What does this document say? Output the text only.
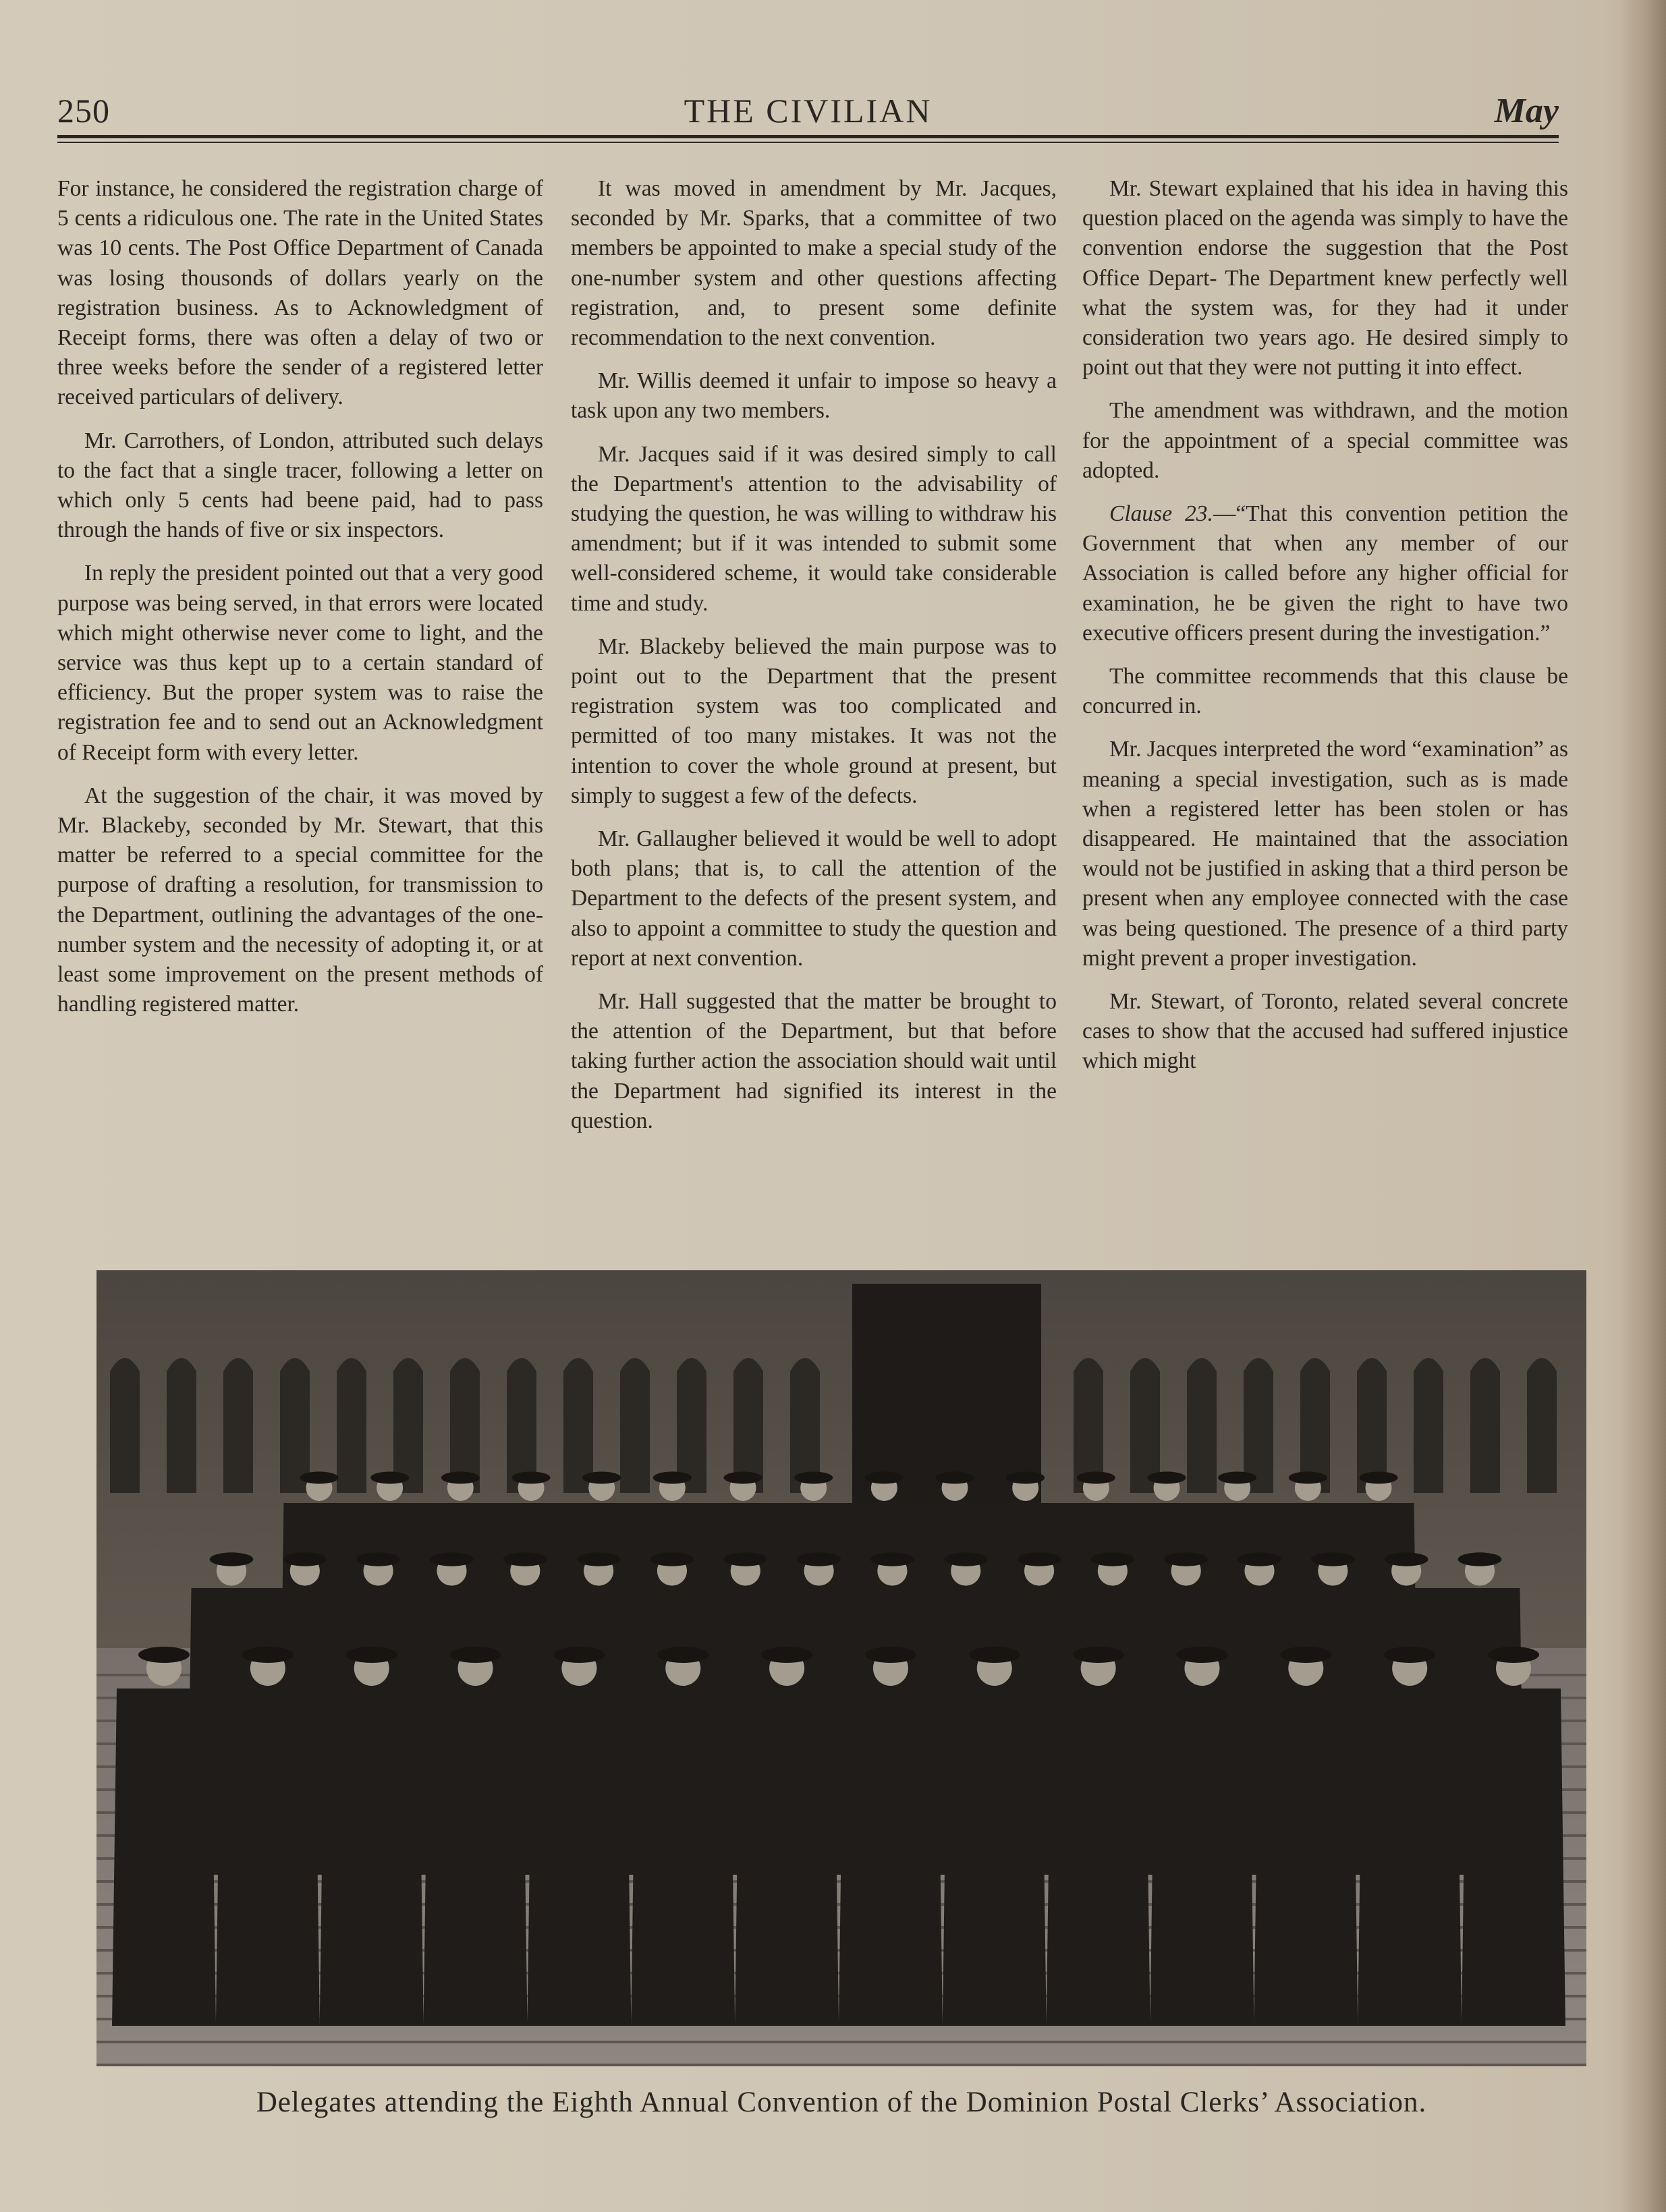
250	THE CIVILIAN	May

For instance, he considered the registration charge of 5 cents a ridiculous one. The rate in the United States was 10 cents. The Post Office Department of Canada was losing thousonds of dollars yearly on the registration business. As to Acknowledgment of Receipt forms, there was often a delay of two or three weeks before the sender of a registered letter received particulars of delivery.

Mr. Carrothers, of London, attributed such delays to the fact that a single tracer, following a letter on which only 5 cents had beene paid, had to pass through the hands of five or six inspectors.

In reply the president pointed out that a very good purpose was being served, in that errors were located which might otherwise never come to light, and the service was thus kept up to a certain standard of efficiency. But the proper system was to raise the registration fee and to send out an Acknowledgment of Receipt form with every letter.

At the suggestion of the chair, it was moved by Mr. Blackeby, seconded by Mr. Stewart, that this matter be referred to a special committee for the purpose of drafting a resolution, for transmission to the Department, outlining the advantages of the one-number system and the necessity of adopting it, or at least some improvement on the present methods of handling registered matter.

It was moved in amendment by Mr. Jacques, seconded by Mr. Sparks, that a committee of two members be appointed to make a special study of the one-number system and other questions affecting registration, and, to present some definite recommendation to the next convention.

Mr. Willis deemed it unfair to impose so heavy a task upon any two members.

Mr. Jacques said if it was desired simply to call the Department's attention to the advisability of studying the question, he was willing to withdraw his amendment; but if it was intended to submit some well-considered scheme, it would take considerable time and study.

Mr. Blackeby believed the main purpose was to point out to the Department that the present registration system was too complicated and permitted of too many mistakes. It was not the intention to cover the whole ground at present, but simply to suggest a few of the defects.

Mr. Gallaugher believed it would be well to adopt both plans; that is, to call the attention of the Department to the defects of the present system, and also to appoint a committee to study the question and report at next convention.

Mr. Hall suggested that the matter be brought to the attention of the Department, but that before taking further action the association should wait until the Department had signified its interest in the question.

Mr. Stewart explained that his idea in having this question placed on the agenda was simply to have the convention endorse the suggestion that the Post Office Depart- The Department knew perfectly well what the system was, for they had it under consideration two years ago. He desired simply to point out that they were not putting it into effect.

The amendment was withdrawn, and the motion for the appointment of a special committee was adopted.

Clause 23.—“That this convention petition the Government that when any member of our Association is called before any higher official for examination, he be given the right to have two executive officers present during the investigation.”

The committee recommends that this clause be concurred in.

Mr. Jacques interpreted the word “examination” as meaning a special investigation, such as is made when a registered letter has been stolen or has disappeared. He maintained that the association would not be justified in asking that a third person be present when any employee connected with the case was being questioned. The presence of a third party might prevent a proper investigation.

Mr. Stewart, of Toronto, related several concrete cases to show that the accused had suffered injustice which might

Delegates attending the Eighth Annual Convention of the Dominion Postal Clerks’ Association.
